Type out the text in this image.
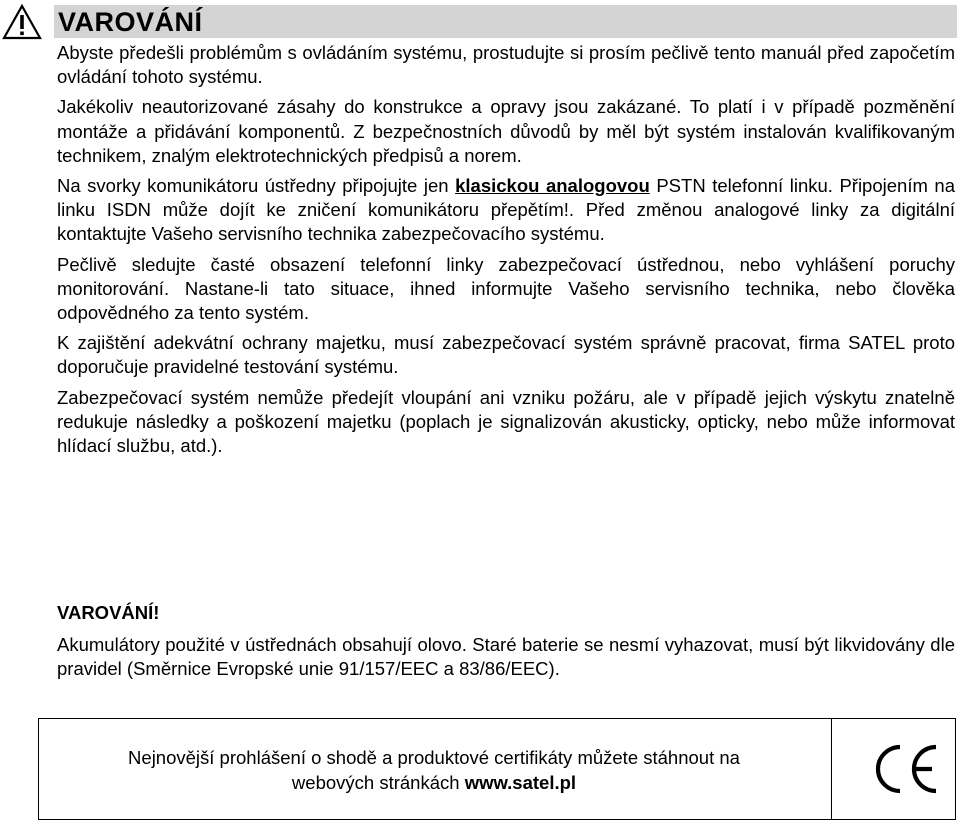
VAROVÁNÍ

Abyste předešli problémům s ovládáním systému, prostudujte si prosím pečlivě tento manuál před započetím ovládání tohoto systému.

Jakékoliv neautorizované zásahy do konstrukce a opravy jsou zakázané. To platí i v případě pozměnění montáže a přidávání komponentů. Z bezpečnostních důvodů by měl být systém instalován kvalifikovaným technikem, znalým elektrotechnických předpisů a norem.

Na svorky komunikátoru ústředny připojujte jen klasickou analogovou PSTN telefonní linku. Připojením na linku ISDN může dojít ke zničení komunikátoru přepětím!. Před změnou analogové linky za digitální kontaktujte Vašeho servisního technika zabezpečovacího systému.

Pečlivě sledujte časté obsazení telefonní linky zabezpečovací ústřednou, nebo vyhlášení poruchy monitorování. Nastane-li tato situace, ihned informujte Vašeho servisního technika, nebo člověka odpovědného za tento systém.

K zajištění adekvátní ochrany majetku, musí zabezpečovací systém správně pracovat, firma SATEL proto doporučuje pravidelné testování systému.

Zabezpečovací systém nemůže předejít vloupání ani vzniku požáru, ale v případě jejich výskytu znatelně redukuje následky a poškození majetku (poplach je signalizován akusticky, opticky, nebo může informovat hlídací službu, atd.).

VAROVÁNÍ!
Akumulátory použité v ústřednách obsahují olovo. Staré baterie se nesmí vyhazovat, musí být likvidovány dle pravidel (Směrnice Evropské unie 91/157/EEC a 83/86/EEC).
Nejnovější prohlášení o shodě a produktové certifikáty můžete stáhnout na
webových stránkách www.satel.pl
